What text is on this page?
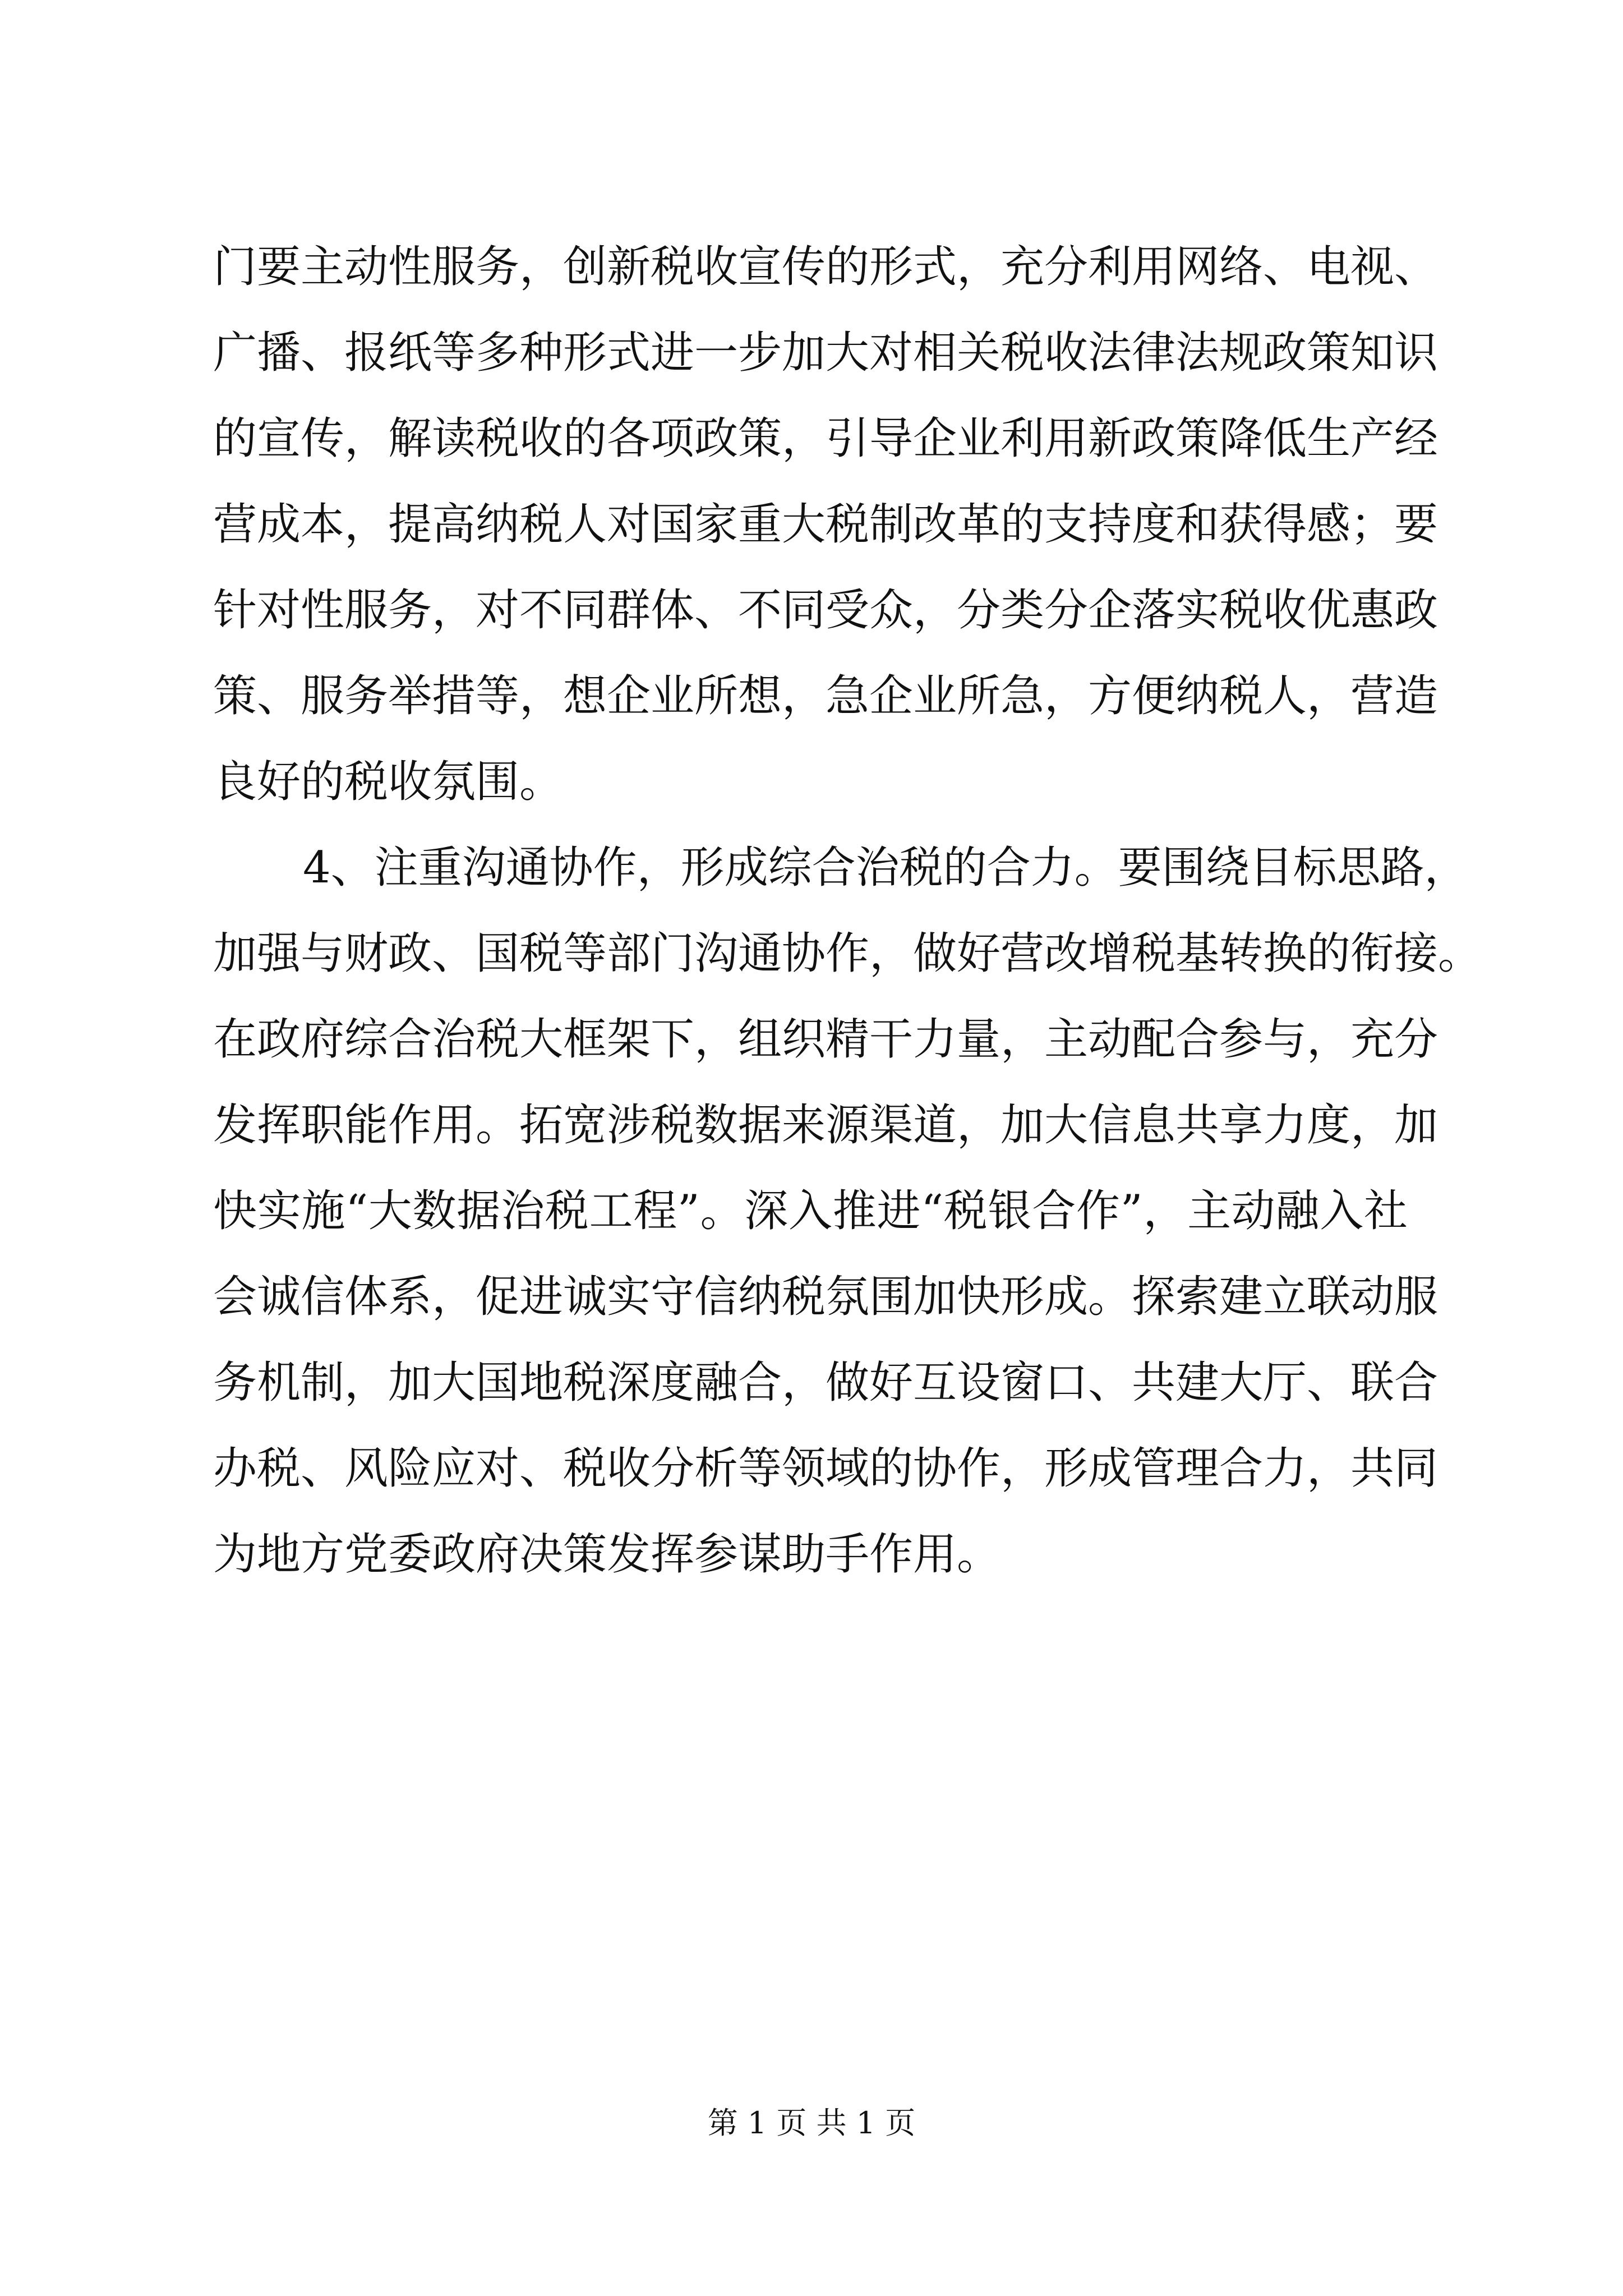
门要主动性服务，创新税收宣传的形式，充分利用网络、电视、
广播、报纸等多种形式进一步加大对相关税收法律法规政策知识
的宣传，解读税收的各项政策，引导企业利用新政策降低生产经
营成本，提高纳税人对国家重大税制改革的支持度和获得感；要
针对性服务，对不同群体、不同受众，分类分企落实税收优惠政
策、服务举措等，想企业所想，急企业所急，方便纳税人，营造
良好的税收氛围。
4、注重沟通协作，形成综合治税的合力。要围绕目标思路，
加强与财政、国税等部门沟通协作，做好营改增税基转换的衔接。
在政府综合治税大框架下，组织精干力量，主动配合参与，充分
发挥职能作用。拓宽涉税数据来源渠道，加大信息共享力度，加
快实施“大数据治税工程”。深入推进“税银合作”，主动融入社
会诚信体系，促进诚实守信纳税氛围加快形成。探索建立联动服
务机制，加大国地税深度融合，做好互设窗口、共建大厅、联合
办税、风险应对、税收分析等领域的协作，形成管理合力，共同
为地方党委政府决策发挥参谋助手作用。
第 1 页 共 1 页
